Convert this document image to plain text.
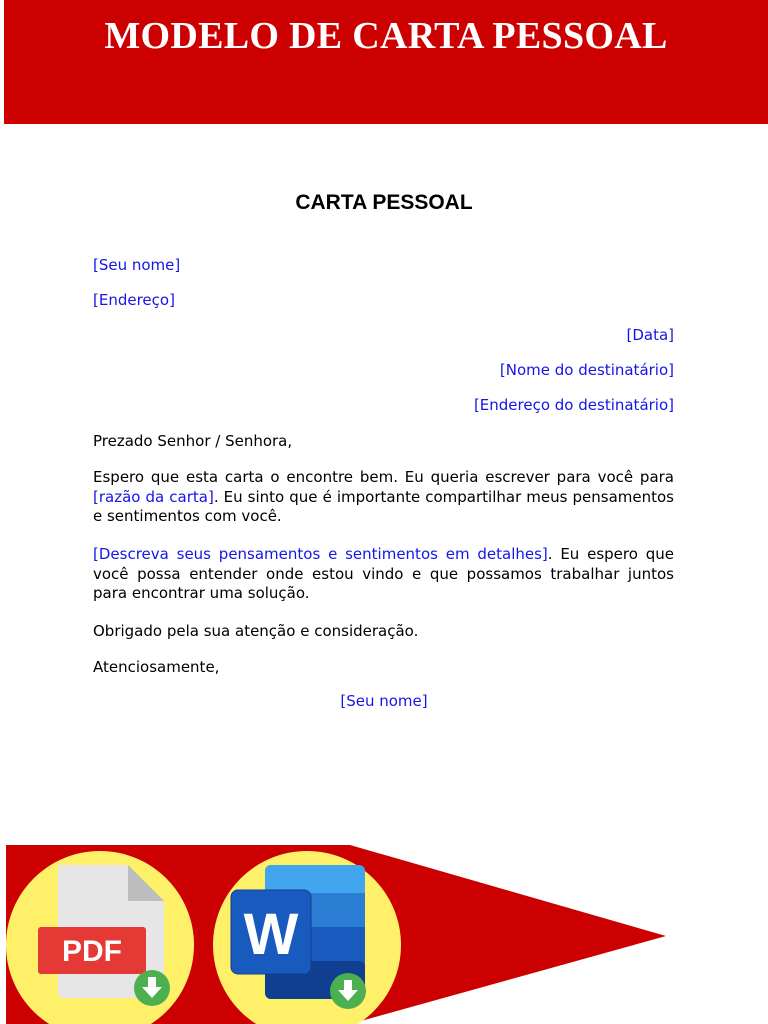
MODELO DE CARTA PESSOAL
CARTA PESSOAL
[Seu nome]
[Endereço]
[Data]
[Nome do destinatário]
[Endereço do destinatário]
Prezado Senhor / Senhora,
Espero que esta carta o encontre bem. Eu queria escrever para você para [razão da carta]. Eu sinto que é importante compartilhar meus pensamentos e sentimentos com você.
[Descreva seus pensamentos e sentimentos em detalhes]. Eu espero que você possa entender onde estou vindo e que possamos trabalhar juntos para encontrar uma solução.
Obrigado pela sua atenção e consideração.
Atenciosamente,
[Seu nome]
PDF W
